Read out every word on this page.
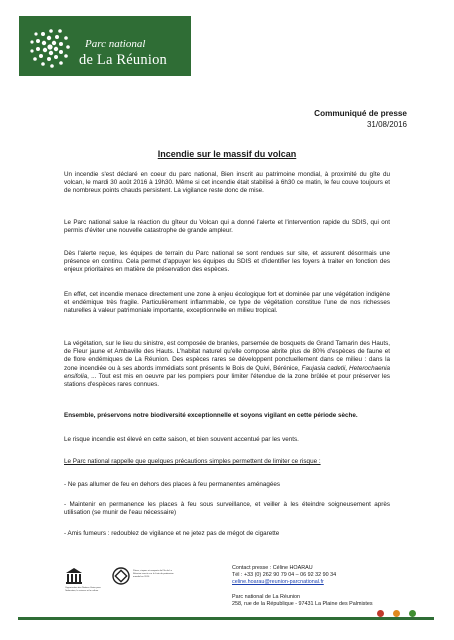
Parc national
de La Réunion
Communiqué de presse
31/08/2016
Incendie sur le massif du volcan

Un incendie s'est déclaré en coeur du parc national, Bien inscrit au patrimoine mondial, à proximité du gîte du volcan, le mardi 30 août 2016 à 19h30. Même si cet incendie était stabilisé à 6h30 ce matin, le feu couve toujours et de nombreux points chauds persistent. La vigilance reste donc de mise.

Le Parc national salue la réaction du gîteur du Volcan qui a donné l'alerte et l'intervention rapide du SDIS, qui ont permis d'éviter une nouvelle catastrophe de grande ampleur.

Dès l'alerte reçue, les équipes de terrain du Parc national se sont rendues sur site, et assurent désormais une présence en continu. Cela permet d'appuyer les équipes du SDIS et d'identifier les foyers à traiter en fonction des enjeux prioritaires en matière de préservation des espèces.

En effet, cet incendie menace directement une zone à enjeu écologique fort et dominée par une végétation indigène et endémique très fragile. Particulièrement inflammable, ce type de végétation constitue l'une de nos richesses naturelles à valeur patrimoniale importante, exceptionnelle en milieu tropical.

La végétation, sur le lieu du sinistre, est composée de branles, parsemée de bosquets de Grand Tamarin des Hauts, de Fleur jaune et Ambaville des Hauts. L'habitat naturel qu'elle compose abrite plus de 80% d'espèces de faune et de flore endémiques de La Réunion. Des espèces rares se développent ponctuellement dans ce milieu : dans la zone incendiée ou à ses abords immédiats sont présents le Bois de Quivi, Bérénice, Faujasia cadetii, Heterochaenia ensifolia, ... Tout est mis en oeuvre par les pompiers pour limiter l'étendue de la zone brûlée et pour préserver les stations d'espèces rares connues.

Ensemble, préservons notre biodiversité exceptionnelle et soyons vigilant en cette période sèche.

Le risque incendie est élevé en cette saison, et bien souvent accentué par les vents.

Le Parc national rappelle que quelques précautions simples permettent de limiter ce risque :

- Ne pas allumer de feu en dehors des places à feu permanentes aménagées

- Maintenir en permanence les places à feu sous surveillance, et veiller à les éteindre soigneusement après utilisation (se munir de l'eau nécessaire)

- Amis fumeurs : redoublez de vigilance et ne jetez pas de mégot de cigarette

Organisation des Nations Unies pour l'éducation, la science et la culture
Pitons, cirques et remparts de l'île de La Réunion inscrits sur la Liste du patrimoine mondial en 2010
Contact presse : Céline HOARAU
Tél : +33 (0) 262 90 79 04 – 06 92 32 90 34
celine.hoarau@reunion-parcnational.fr
Parc national de La Réunion
258, rue de la République - 97431 La Plaine des Palmistes
